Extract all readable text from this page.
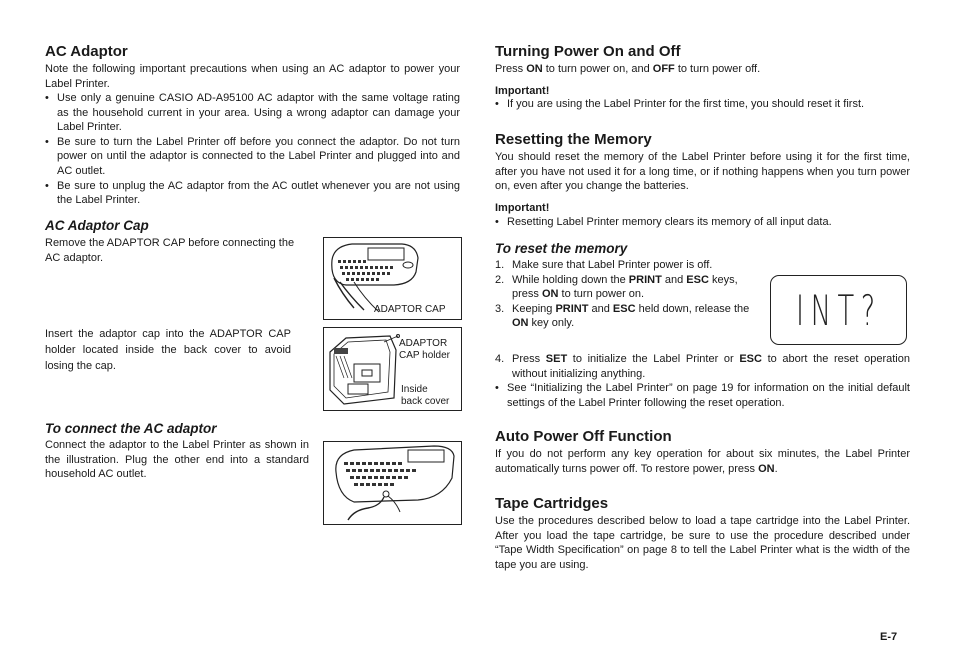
AC Adaptor

Note the following important precautions when using an AC adaptor to power your Label Printer.

• Use only a genuine CASIO AD-A95100 AC adaptor with the same voltage rating as the household current in your area. Using a wrong adaptor can damage your Label Printer.
• Be sure to turn the Label Printer off before you connect the adaptor. Do not turn power on until the adaptor is connected to the Label Printer and plugged into and AC outlet.
• Be sure to unplug the AC adaptor from the AC outlet whenever you are not using the Label Printer.
AC Adaptor Cap

Remove the ADAPTOR CAP before connecting the AC adaptor.

ADAPTOR CAP

Insert the adaptor cap into the ADAPTOR CAP holder located inside the back cover to avoid losing the cap.

ADAPTOR
CAP holder
Inside
back cover
To connect the AC adaptor

Connect the adaptor to the Label Printer as shown in the illustration. Plug the other end into a standard household AC outlet.

Turning Power On and Off

Press ON to turn power on, and OFF to turn power off.

Important!

• If you are using the Label Printer for the first time, you should reset it first.
Resetting the Memory

You should reset the memory of the Label Printer before using it for the first time, after you have not used it for a long time, or if nothing happens when you turn power on, even after you change the batteries.

Important!

• Resetting Label Printer memory clears its memory of all input data.
To reset the memory
1. Make sure that Label Printer power is off.
2. While holding down the PRINT and ESC keys, press ON to turn power on.
3. Keeping PRINT and ESC held down, release the ON key only.	INT?
4. Press SET to initialize the Label Printer or ESC to abort the reset operation without initializing anything.
• See “Initializing the Label Printer” on page 19 for information on the initial default settings of the Label Printer following the reset operation.
Auto Power Off Function

If you do not perform any key operation for about six minutes, the Label Printer automatically turns power off. To restore power, press ON.

Tape Cartridges

Use the procedures described below to load a tape cartridge into the Label Printer. After you load the tape cartridge, be sure to use the procedure described under “Tape Width Specification” on page 8 to tell the Label Printer what is the width of the tape you are using.

E-7
